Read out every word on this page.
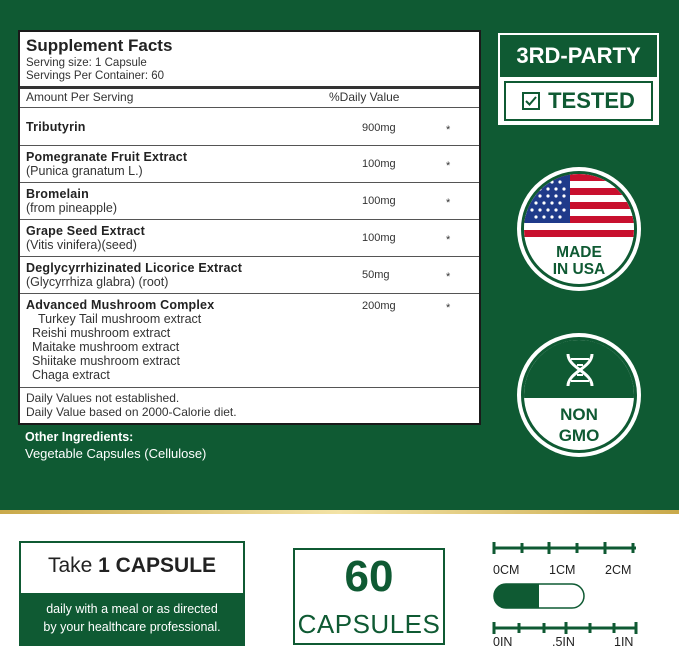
Supplement Facts
Serving size: 1 Capsule
Servings Per Container: 60
Amount Per Serving	%Daily Value
Tributyrin	900mg	*
Pomegranate Fruit Extract
(Punica granatum L.)	100mg	*
Bromelain
(from pineapple)	100mg	*
Grape Seed Extract
(Vitis vinifera)(seed)	100mg	*
Deglycyrrhizinated Licorice Extract
(Glycyrrhiza glabra) (root)	50mg	*
Advanced Mushroom Complex	200mg	*
Turkey Tail mushroom extract
Reishi mushroom extract
Maitake mushroom extract
Shiitake mushroom extract
Chaga extract
Daily Values not established.
Daily Value based on 2000-Calorie diet.
Other Ingredients:
Vegetable Capsules (Cellulose)
3RD-PARTY
TESTED
MADE
IN USA
NON
GMO
Take 1 CAPSULE
daily with a meal or as directed
by your healthcare professional.
60
CAPSULES
0CM 1CM 2CM
0IN	.5IN	1IN
